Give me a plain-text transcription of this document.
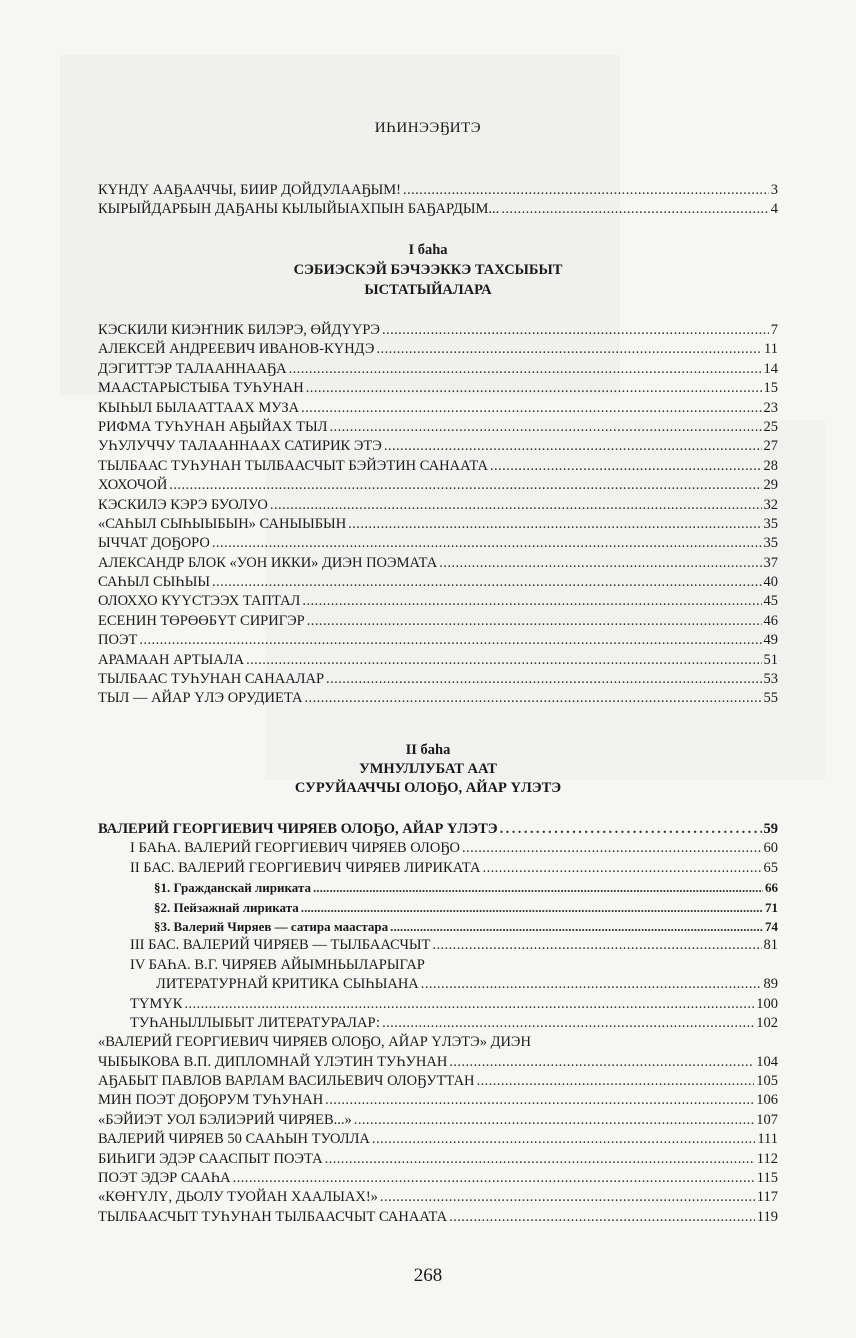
ИҺИНЭЭҔИТЭ
КҮНДҮ ААҔААЧЧЫ, БИИР ДОЙДУЛААҔЫМ! . . .	3
КЫРЫЙДАРБЫН ДАҔАНЫ КЫЛЫЙЫАХПЫН БАҔАРДЫМ... . . .	4
I баһа
СЭБИЭСКЭЙ БЭЧЭЭККЭ ТАХСЫБЫТ
ЫСТАТЫЙАЛАРА
КЭСКИЛИ КИЭҤНИК БИЛЭРЭ, ӨЙДҮҮРЭ . . .	7
АЛЕКСЕЙ АНДРЕЕВИЧ ИВАНОВ-КҮНДЭ . . .	11
ДЭГИТТЭР ТАЛААННААҔА . . .	14
МААСТАРЫСТЫБА ТУҺУНАН . . .	15
КЫҺЫЛ БЫЛААТТААХ МУЗА . . .	23
РИФМА ТУҺУНАН АҔЫЙАХ ТЫЛ . . .	25
УҺУЛУЧЧУ ТАЛААННААХ САТИРИК ЭТЭ . . .	27
ТЫЛБААС ТУҺУНАН ТЫЛБААСЧЫТ БЭЙЭТИН САНААТА . . .	28
ХОХОЧОЙ . . .	29
КЭСКИЛЭ КЭРЭ БУОЛУО . . .	32
«САҺЫЛ СЫҺЫЫБЫН» САНЫЫБЫН . . .	35
ЫЧЧАТ ДОҔОРО . . .	35
АЛЕКСАНДР БЛОК «УОН ИККИ» ДИЭН ПОЭМАТА . . .	37
САҺЫЛ СЫҺЫЫ . . .	40
ОЛОХХО КҮҮСТЭЭХ ТАПТАЛ . . .	45
ЕСЕНИН ТӨРӨӨБҮТ СИРИГЭР . . .	46
ПОЭТ . . .	49
АРАМААН АРТЫАЛА . . .	51
ТЫЛБААС ТУҺУНАН САНААЛАР . . .	53
ТЫЛ — АЙАР ҮЛЭ ОРУДИЕТА . . .	55
II баһа
УМНУЛЛУБАТ ААТ
СУРУЙААЧЧЫ ОЛОҔО, АЙАР ҮЛЭТЭ
ВАЛЕРИЙ ГЕОРГИЕВИЧ ЧИРЯЕВ ОЛОҔО, АЙАР ҮЛЭТЭ . . .	59
I БАҺА. ВАЛЕРИЙ ГЕОРГИЕВИЧ ЧИРЯЕВ ОЛОҔО . . .	60
II БАС. ВАЛЕРИЙ ГЕОРГИЕВИЧ ЧИРЯЕВ ЛИРИКАТА . . .	65
§1. Гражданскай лириката . . .	66
§2. Пейзажнай лириката . . .	71
§3. Валерий Чиряев — сатира маастара . . .	74
III БАС. ВАЛЕРИЙ ЧИРЯЕВ — ТЫЛБААСЧЫТ . . .	81
IV БАҺА. В.Г. ЧИРЯЕВ АЙЫМНЬЫЛАРЫГАР
ЛИТЕРАТУРНАЙ КРИТИКА СЫҺЫАНА . . .	89
ТҮМҮК . . .	100
ТУҺАНЫЛЛЫБЫТ ЛИТЕРАТУРАЛАР: . . .	102
«ВАЛЕРИЙ ГЕОРГИЕВИЧ ЧИРЯЕВ ОЛОҔО, АЙАР ҮЛЭТЭ» ДИЭН
ЧЫБЫКОВА В.П. ДИПЛОМНАЙ ҮЛЭТИН ТУҺУНАН . . .	104
АҔАБЫТ ПАВЛОВ ВАРЛАМ ВАСИЛЬЕВИЧ ОЛОҔУТТАН . . .	105
МИН ПОЭТ ДОҔОРУМ ТУҺУНАН . . .	106
«БЭЙИЭТ УОЛ БЭЛИЭРИЙ ЧИРЯЕВ...» . . .	107
ВАЛЕРИЙ ЧИРЯЕВ 50 СААҺЫН ТУОЛЛА . . .	111
БИҺИГИ ЭДЭР СААСПЫТ ПОЭТА . . .	112
ПОЭТ ЭДЭР СААҺА . . .	115
«КӨҤҮЛҮ, ДЬОЛУ ТУОЙАН ХААЛЫАХ!» . . .	117
ТЫЛБААСЧЫТ ТУҺУНАН ТЫЛБААСЧЫТ САНААТА . . .	119
268
